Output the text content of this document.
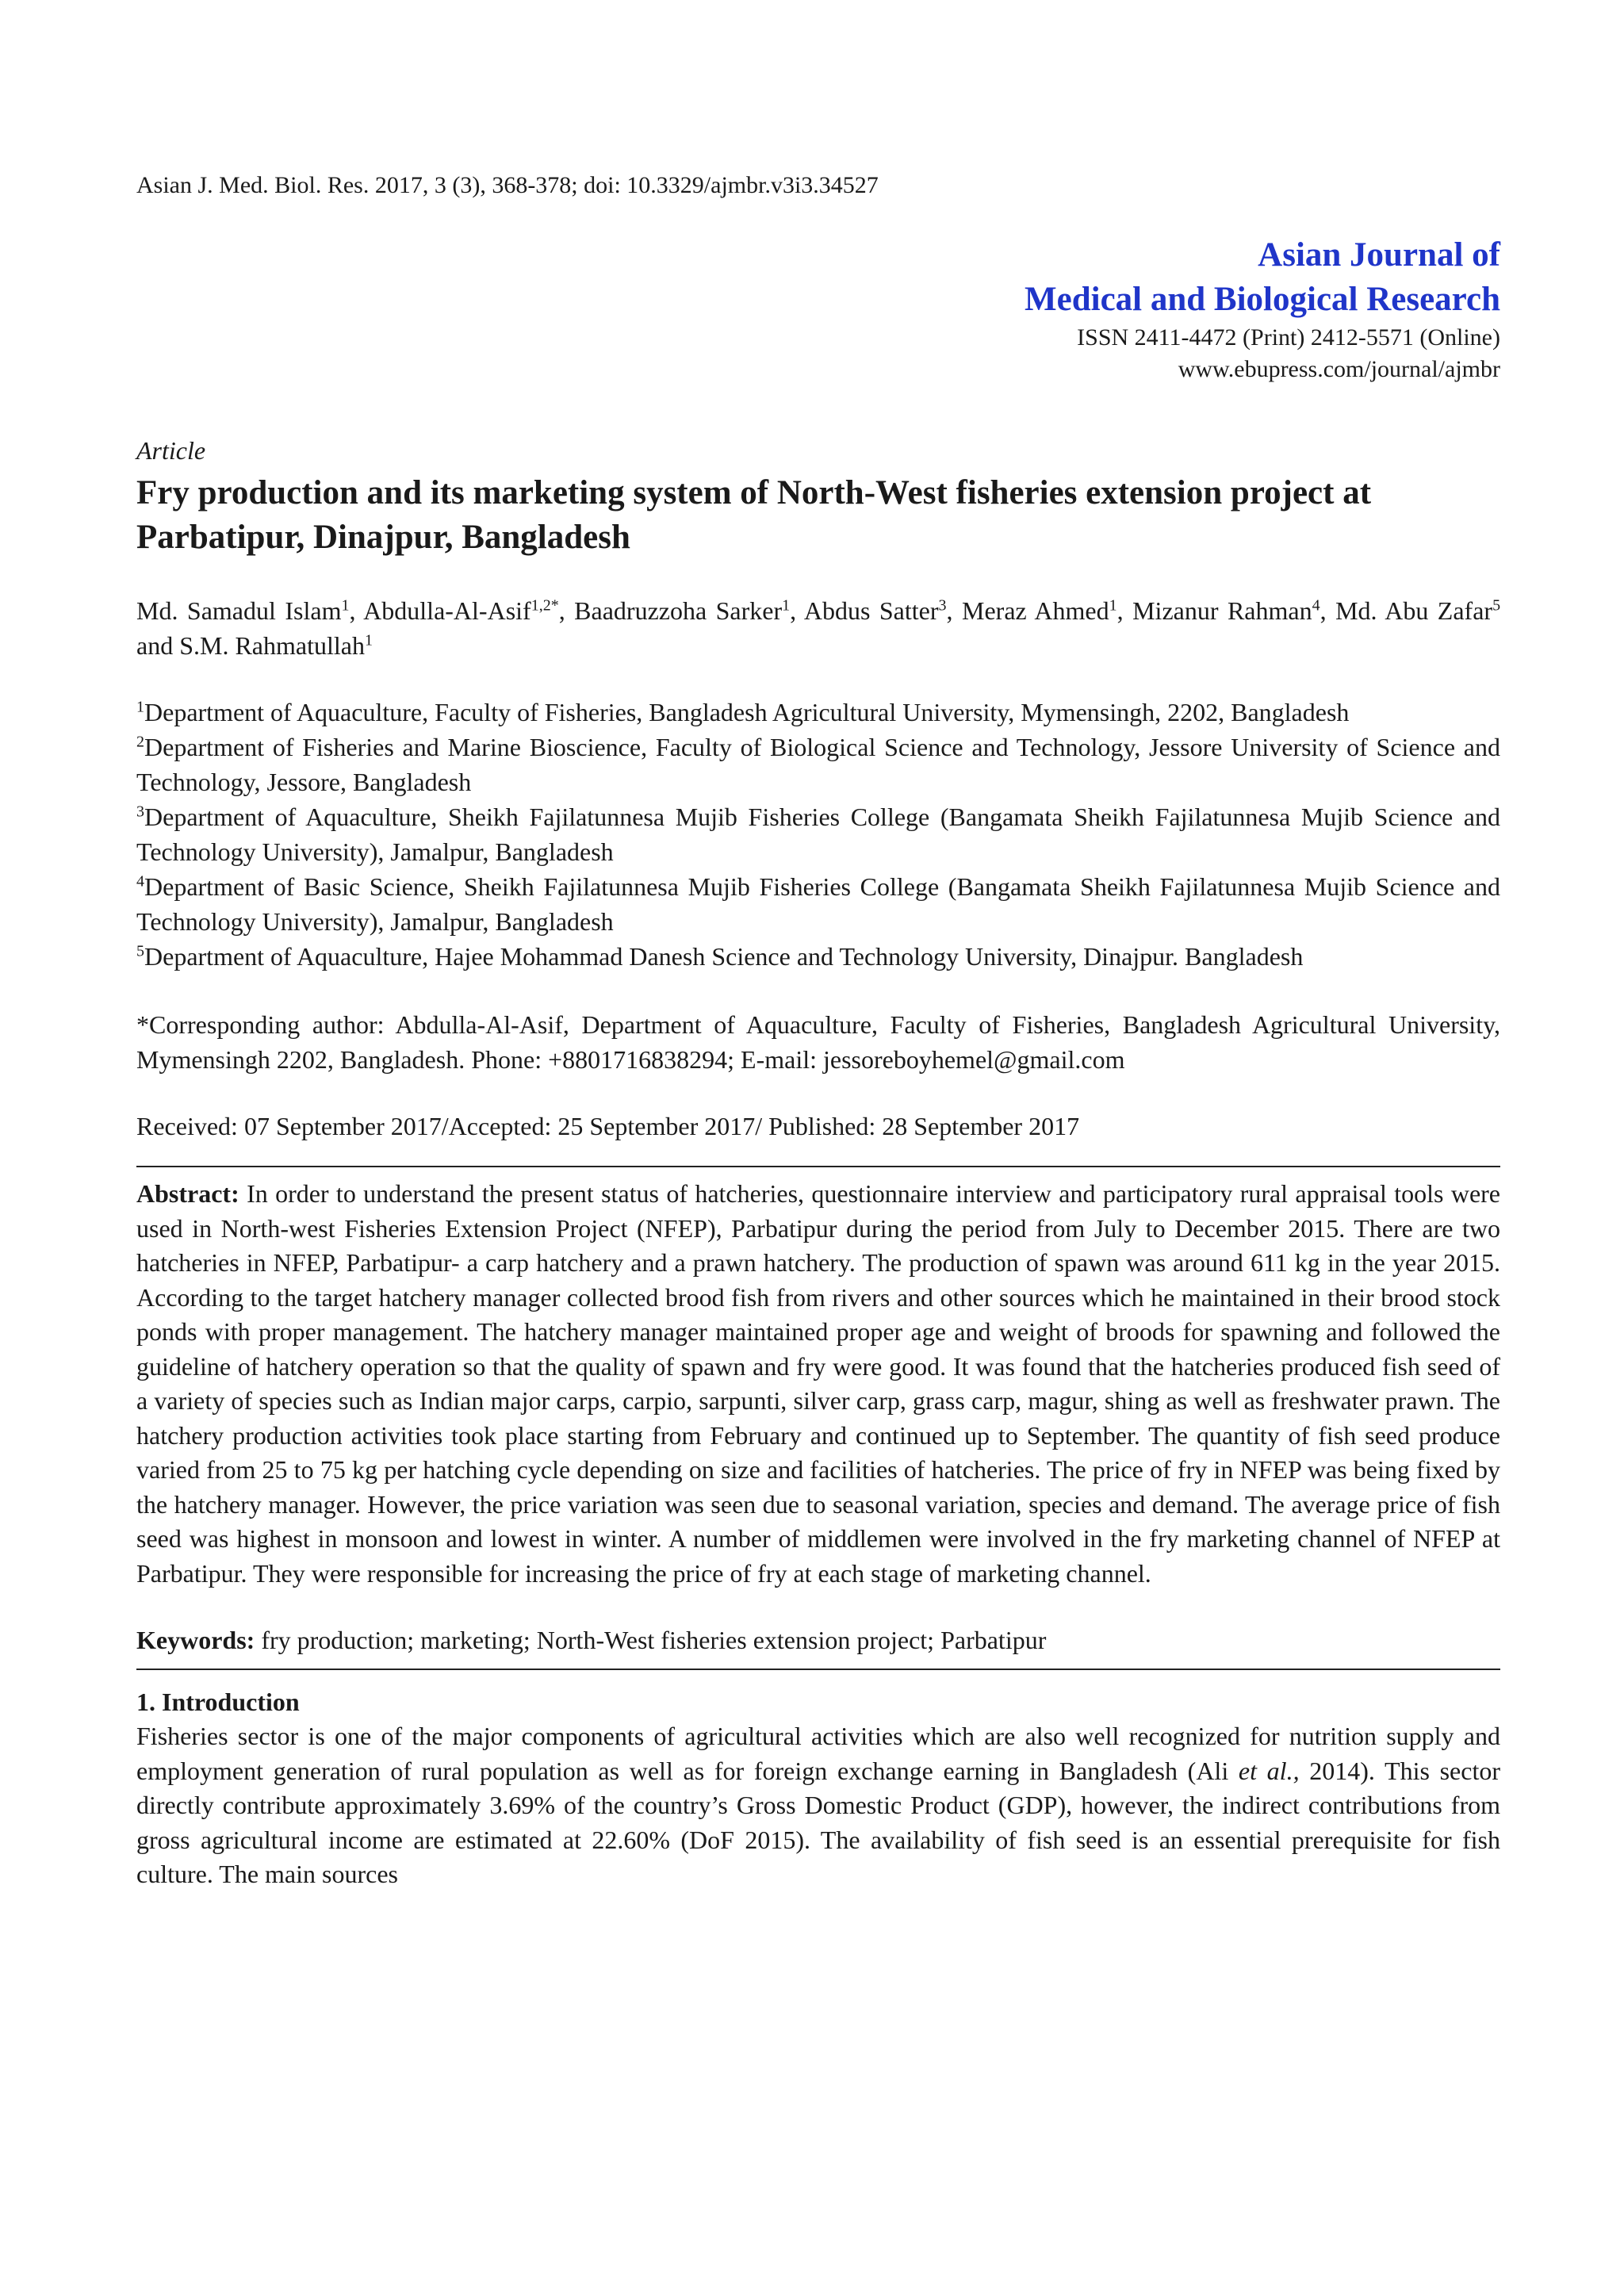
Asian J. Med. Biol. Res. 2017, 3 (3), 368-378; doi: 10.3329/ajmbr.v3i3.34527
Asian Journal of
Medical and Biological Research
ISSN 2411-4472 (Print) 2412-5571 (Online)
www.ebupress.com/journal/ajmbr
Article
Fry production and its marketing system of North-West fisheries extension project at Parbatipur, Dinajpur, Bangladesh
Md. Samadul Islam$^1$, Abdulla-Al-Asif$^{1,2*}$, Baadruzzoha Sarker$^1$, Abdus Satter$^3$, Meraz Ahmed$^1$, Mizanur Rahman$^4$, Md. Abu Zafar$^5$ and S.M. Rahmatullah$^1$
$^1$Department of Aquaculture, Faculty of Fisheries, Bangladesh Agricultural University, Mymensingh, 2202, Bangladesh
$^2$Department of Fisheries and Marine Bioscience, Faculty of Biological Science and Technology, Jessore University of Science and Technology, Jessore, Bangladesh
$^3$Department of Aquaculture, Sheikh Fajilatunnesa Mujib Fisheries College (Bangamata Sheikh Fajilatunnesa Mujib Science and Technology University), Jamalpur, Bangladesh
$^4$Department of Basic Science, Sheikh Fajilatunnesa Mujib Fisheries College (Bangamata Sheikh Fajilatunnesa Mujib Science and Technology University), Jamalpur, Bangladesh
$^5$Department of Aquaculture, Hajee Mohammad Danesh Science and Technology University, Dinajpur. Bangladesh
*Corresponding author: Abdulla-Al-Asif, Department of Aquaculture, Faculty of Fisheries, Bangladesh Agricultural University, Mymensingh 2202, Bangladesh. Phone: +8801716838294; E-mail: jessoreboyhemel@gmail.com
Received: 07 September 2017/Accepted: 25 September 2017/ Published: 28 September 2017
Abstract: In order to understand the present status of hatcheries, questionnaire interview and participatory rural appraisal tools were used in North-west Fisheries Extension Project (NFEP), Parbatipur during the period from July to December 2015. There are two hatcheries in NFEP, Parbatipur- a carp hatchery and a prawn hatchery. The production of spawn was around 611 kg in the year 2015. According to the target hatchery manager collected brood fish from rivers and other sources which he maintained in their brood stock ponds with proper management. The hatchery manager maintained proper age and weight of broods for spawning and followed the guideline of hatchery operation so that the quality of spawn and fry were good. It was found that the hatcheries produced fish seed of a variety of species such as Indian major carps, carpio, sarpunti, silver carp, grass carp, magur, shing as well as freshwater prawn. The hatchery production activities took place starting from February and continued up to September. The quantity of fish seed produce varied from 25 to 75 kg per hatching cycle depending on size and facilities of hatcheries. The price of fry in NFEP was being fixed by the hatchery manager. However, the price variation was seen due to seasonal variation, species and demand. The average price of fish seed was highest in monsoon and lowest in winter. A number of middlemen were involved in the fry marketing channel of NFEP at Parbatipur. They were responsible for increasing the price of fry at each stage of marketing channel.
Keywords: fry production; marketing; North-West fisheries extension project; Parbatipur
1. Introduction
Fisheries sector is one of the major components of agricultural activities which are also well recognized for nutrition supply and employment generation of rural population as well as for foreign exchange earning in Bangladesh (Ali et al., 2014). This sector directly contribute approximately 3.69% of the country’s Gross Domestic Product (GDP), however, the indirect contributions from gross agricultural income are estimated at 22.60% (DoF 2015). The availability of fish seed is an essential prerequisite for fish culture. The main sources
